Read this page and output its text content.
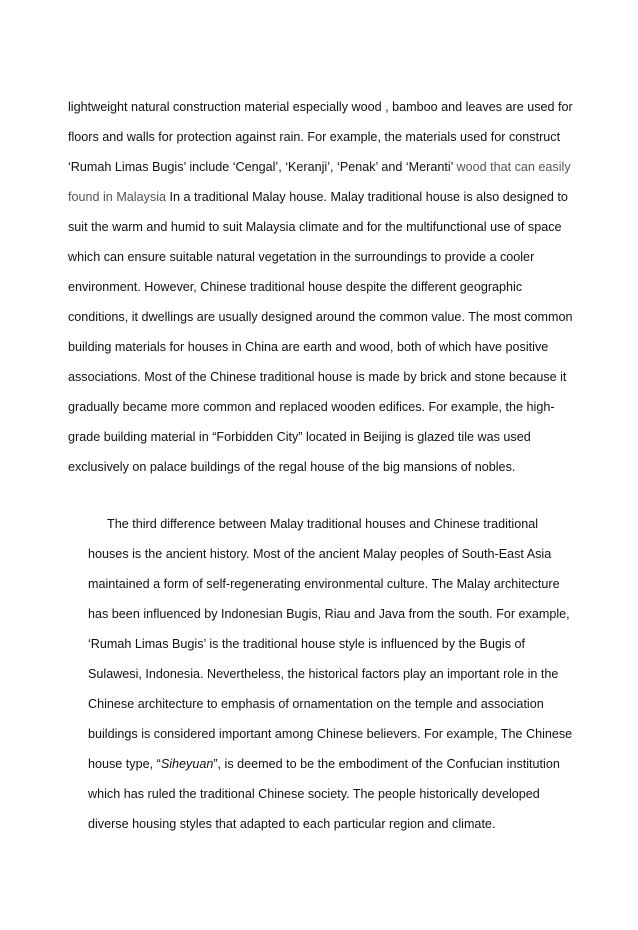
lightweight natural construction material especially wood , bamboo and leaves are used for
floors and walls for protection against rain. For example, the materials used for construct
‘Rumah Limas Bugis’ include ‘Cengal’, ‘Keranji’, ‘Penak’ and ‘Meranti’ wood that can easily
found in Malaysia In a traditional Malay house. Malay traditional house is also designed to
suit the warm and humid to suit Malaysia climate and for the multifunctional use of space
which can ensure suitable natural vegetation in the surroundings to provide a cooler
environment. However, Chinese traditional house despite the different geographic
conditions, it dwellings are usually designed around the common value. The most common
building materials for houses in China are earth and wood, both of which have positive
associations. Most of the Chinese traditional house is made by brick and stone because it
gradually became more common and replaced wooden edifices. For example, the high-
grade building material in “Forbidden City” located in Beijing is glazed tile was used
exclusively on palace buildings of the regal house of the big mansions of nobles.
The third difference between Malay traditional houses and Chinese traditional
houses is the ancient history. Most of the ancient Malay peoples of South-East Asia
maintained a form of self-regenerating environmental culture. The Malay architecture
has been influenced by Indonesian Bugis, Riau and Java from the south. For example,
‘Rumah Limas Bugis’ is the traditional house style is influenced by the Bugis of
Sulawesi, Indonesia. Nevertheless, the historical factors play an important role in the
Chinese architecture to emphasis of ornamentation on the temple and association
buildings is considered important among Chinese believers. For example, The Chinese
house type, “Siheyuan”, is deemed to be the embodiment of the Confucian institution
which has ruled the traditional Chinese society. The people historically developed
diverse housing styles that adapted to each particular region and climate.
